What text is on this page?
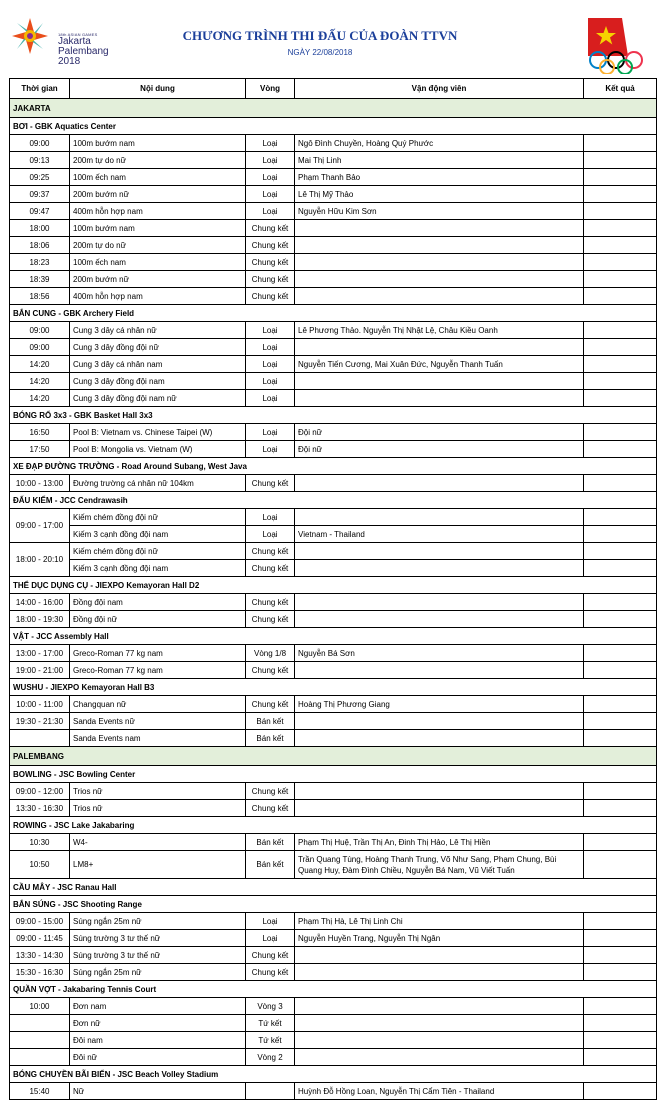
18th ASIAN GAMES
Jakarta
Palembang
2018
CHƯƠNG TRÌNH THI ĐẤU CỦA ĐOÀN TTVN
NGÀY 22/08/2018
Thời gian	Nội dung	Vòng	Vận động viên	Kết quả
JAKARTA				
BƠI - GBK Aquatics Center				
09:00	100m bướm nam	Loại	Ngô Đình Chuyền, Hoàng Quý Phước	
09:13	200m tự do nữ	Loại	Mai Thị Linh	
09:25	100m ếch nam	Loại	Phạm Thanh Bảo	
09:37	200m bướm nữ	Loại	Lê Thị Mỹ Thảo	
09:47	400m hỗn hợp nam	Loại	Nguyễn Hữu Kim Sơn	
18:00	100m bướm nam	Chung kết		
18:06	200m tự do nữ	Chung kết		
18:23	100m ếch nam	Chung kết		
18:39	200m bướm nữ	Chung kết		
18:56	400m hỗn hợp nam	Chung kết		
BẮN CUNG - GBK Archery Field				
09:00	Cung 3 dây cá nhân nữ	Loại	Lê Phương Thảo. Nguyễn Thị Nhật Lệ, Châu Kiều Oanh	
09:00	Cung 3 dây đồng đội nữ	Loại		
14:20	Cung 3 dây cá nhân nam	Loại	Nguyễn Tiến Cương, Mai Xuân Đức, Nguyễn Thanh Tuấn	
14:20	Cung 3 dây đồng đội nam	Loại		
14:20	Cung 3 dây đồng đội nam nữ	Loại		
BÓNG RỔ 3x3 - GBK Basket Hall 3x3				
16:50	Pool B: Vietnam vs. Chinese Taipei (W)	Loại	Đội nữ	
17:50	Pool B: Mongolia vs. Vietnam (W)	Loại	Đội nữ	
XE ĐẠP ĐƯỜNG TRƯỜNG - Road Around Subang, West Java				
10:00 - 13:00	Đường trường cá nhân nữ 104km	Chung kết		
ĐẤU KIẾM - JCC Cendrawasih				
09:00 - 17:00	Kiếm chém đồng đội nữ	Loại		
	Kiếm 3 cạnh đồng đội nam	Loại	Vietnam - Thailand	
18:00 - 20:10	Kiếm chém đồng đội nữ	Chung kết		
	Kiếm 3 cạnh đồng đội nam	Chung kết		
THỂ DỤC DỤNG CỤ - JIEXPO Kemayoran Hall D2				
14:00 - 16:00	Đồng đội nam	Chung kết		
18:00 - 19:30	Đồng đội nữ	Chung kết		
VẬT - JCC Assembly Hall				
13:00 - 17:00	Greco-Roman 77 kg nam	Vòng 1/8	Nguyễn Bá Sơn	
19:00 - 21:00	Greco-Roman 77 kg nam	Chung kết		
WUSHU - JIEXPO Kemayoran Hall B3				
10:00 - 11:00	Changquan nữ	Chung kết	Hoàng Thị Phương Giang	
19:30 - 21:30	Sanda Events nữ	Bán kết		
	Sanda Events nam	Bán kết		
PALEMBANG				
BOWLING - JSC Bowling Center				
09:00 - 12:00	Trios nữ	Chung kết		
13:30 - 16:30	Trios nữ	Chung kết		
ROWING - JSC Lake Jakabaring				
10:30	W4-	Bán kết	Phạm Thị Huệ, Trần Thị An, Đinh Thị Hảo, Lê Thị Hiền	
10:50	LM8+	Bán kết	Trần Quang Tùng, Hoàng Thanh Trung, Võ Như Sang, Phạm Chung, Bùi Quang Huy, Đàm Đình Chiều, Nguyễn Bá Nam, Vũ Viết Tuấn	
CẦU MÂY - JSC Ranau Hall				
BẮN SÚNG - JSC Shooting Range				
09:00 - 15:00	Súng ngắn 25m nữ	Loại	Phạm Thị Hà, Lê Thị Linh Chi	
09:00 - 11:45	Súng trường 3 tư thế nữ	Loại	Nguyễn Huyền Trang, Nguyễn Thị Ngân	
13:30 - 14:30	Súng trường 3 tư thế nữ	Chung kết		
15:30 - 16:30	Súng ngắn 25m nữ	Chung kết		
QUẦN VỢT - Jakabaring Tennis Court				
10:00	Đơn nam	Vòng 3		
	Đơn nữ	Tứ kết		
	Đôi nam	Tứ kết		
	Đôi nữ	Vòng 2		
BÓNG CHUYỀN BÃI BIỂN - JSC Beach Volley Stadium				
15:40	Nữ		Huỳnh Đỗ Hồng Loan, Nguyễn Thị Cẩm Tiên - Thailand	
